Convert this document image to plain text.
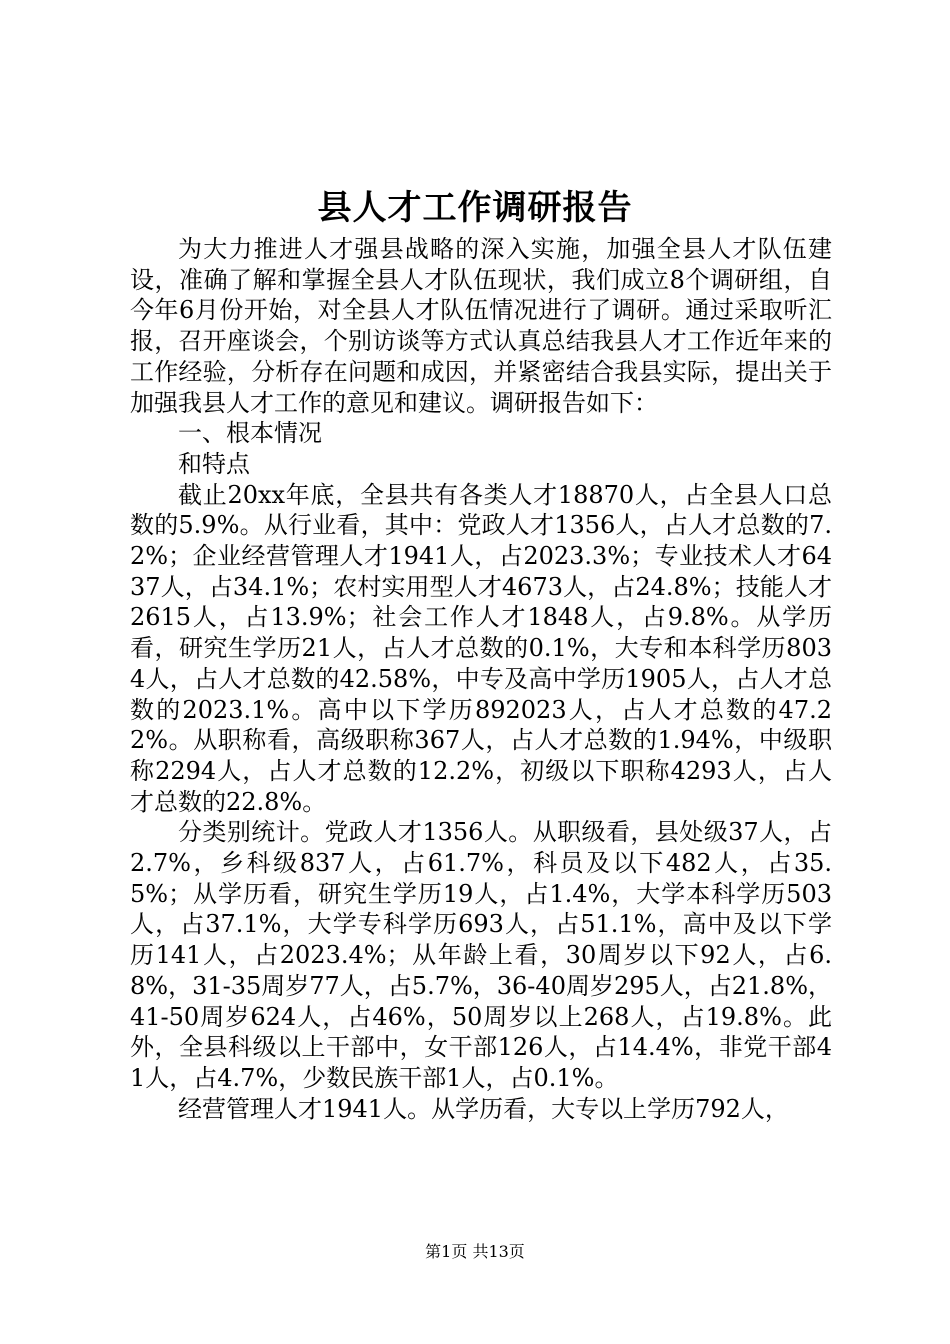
县人才工作调研报告

为大力推进人才强县战略的深入实施，加强全县人才队伍建设，准确了解和掌握全县人才队伍现状，我们成立8个调研组，自今年6月份开始，对全县人才队伍情况进行了调研。通过采取听汇报，召开座谈会，个别访谈等方式认真总结我县人才工作近年来的工作经验，分析存在问题和成因，并紧密结合我县实际，提出关于加强我县人才工作的意见和建议。调研报告如下：

一、根本情况

和特点

截止20xx年底，全县共有各类人才18870人，占全县人口总数的5.9%。从行业看，其中：党政人才1356人，占人才总数的7.2%；企业经营管理人才1941人，占2023.3%；专业技术人才6437人，占34.1%；农村实用型人才4673人，占24.8%；技能人才2615人，占13.9%；社会工作人才1848人，占9.8%。从学历看，研究生学历21人，占人才总数的0.1%，大专和本科学历8034人，占人才总数的42.58%，中专及高中学历1905人，占人才总数的2023.1%。高中以下学历892023人，占人才总数的47.22%。从职称看，高级职称367人，占人才总数的1.94%，中级职称2294人，占人才总数的12.2%，初级以下职称4293人，占人才总数的22.8%。

分类别统计。党政人才1356人。从职级看，县处级37人，占2.7%，乡科级837人，占61.7%，科员及以下482人，占35.5%；从学历看，研究生学历19人，占1.4%，大学本科学历503人，占37.1%，大学专科学历693人，占51.1%，高中及以下学历141人，占2023.4%；从年龄上看，30周岁以下92人，占6.8%，31-35周岁77人，占5.7%，36-40周岁295人，占21.8%，41-50周岁624人，占46%，50周岁以上268人，占19.8%。此外，全县科级以上干部中，女干部126人，占14.4%，非党干部41人，占4.7%，少数民族干部1人，占0.1%。

经营管理人才1941人。从学历看，大专以上学历792人，

第1页 共13页
